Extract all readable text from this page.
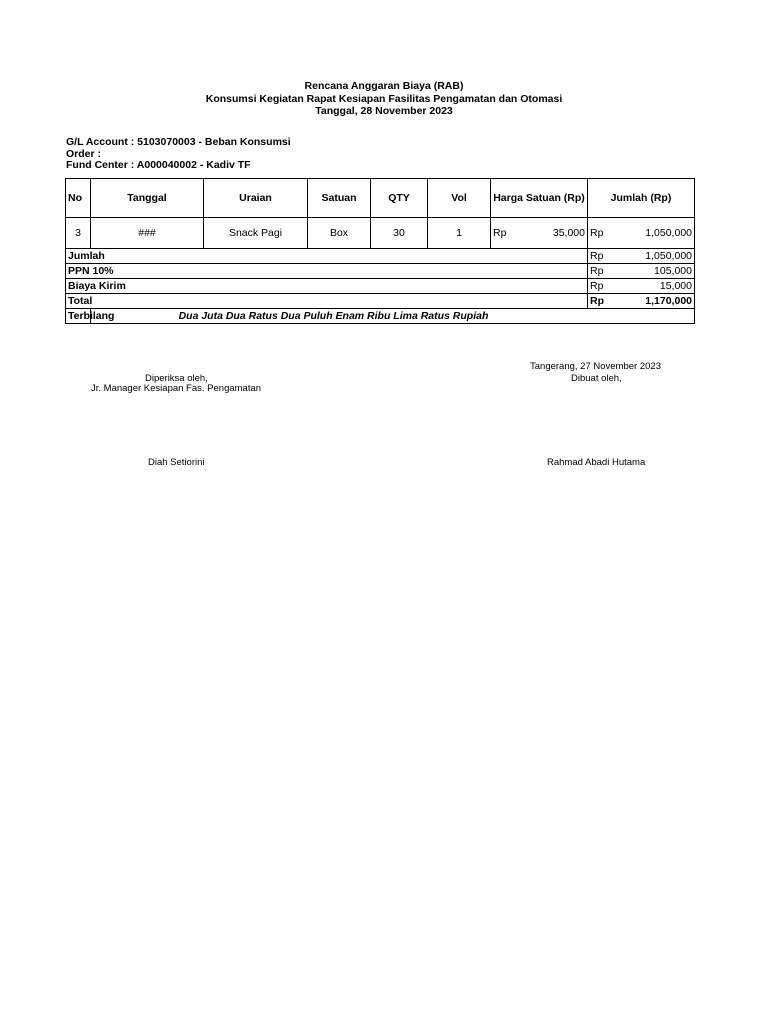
Rencana Anggaran Biaya (RAB)
Konsumsi Kegiatan Rapat Kesiapan Fasilitas Pengamatan dan Otomasi
Tanggal, 28 November 2023
G/L Account : 5103070003 - Beban Konsumsi
Order :
Fund Center : A000040002 - Kadiv TF
No	Tanggal	Uraian	Satuan	QTY	Vol	Harga Satuan (Rp)	Jumlah (Rp)
3	###	Snack Pagi	Box	30	1	Rp 35,000	Rp 1,050,000

Jumlah							Rp 1,050,000

PPN 10%							Rp 105,000

Biaya Kirim							Rp 15,000

Total							Rp 1,170,000

Terbilang	Dua Juta Dua Ratus Dua Puluh Enam Ribu Lima Ratus Rupiah						
Tangerang, 27 November 2023
Diperiksa oleh,	Dibuat oleh,
Jr. Manager Kesiapan Fas. Pengamatan
Diah Setiorini	Rahmad Abadi Hutama
